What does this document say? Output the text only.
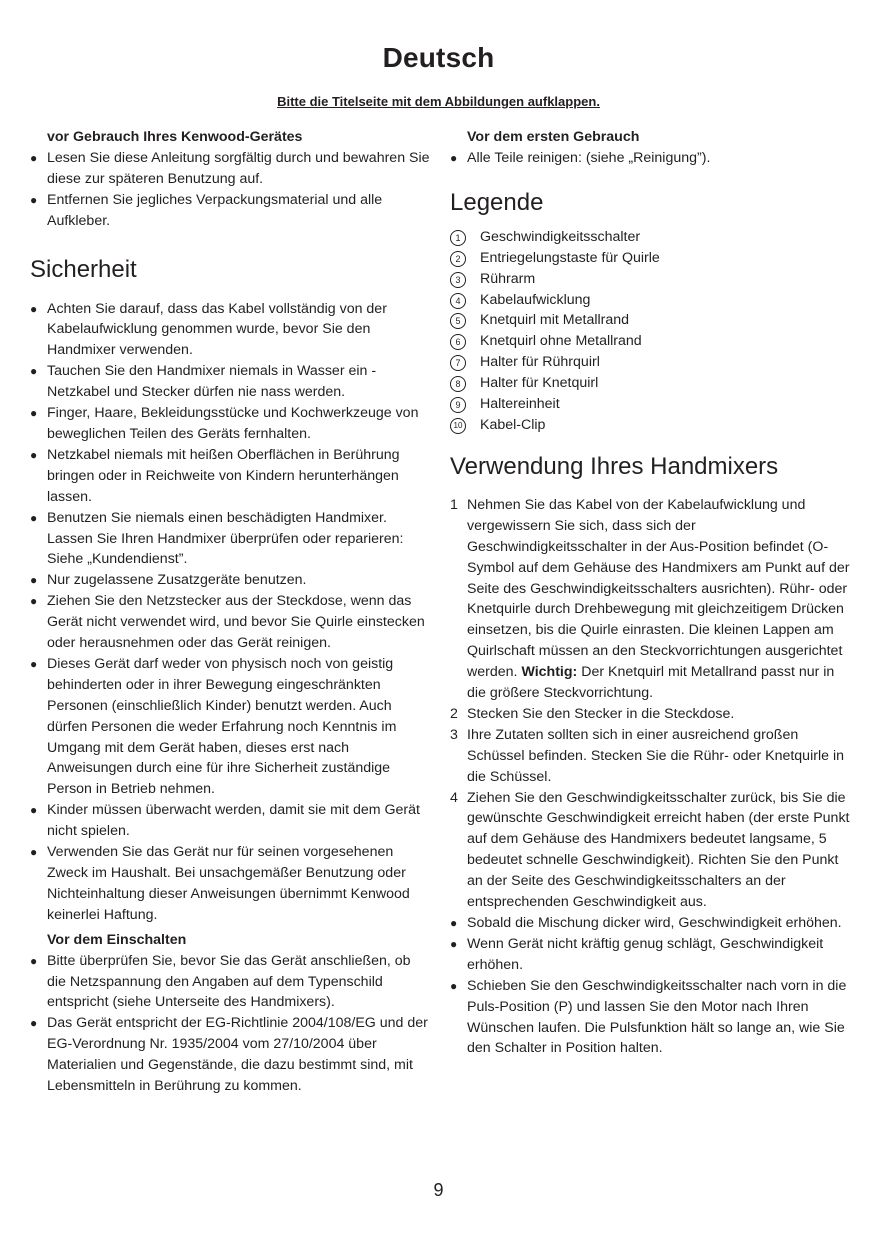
Deutsch
Bitte die Titelseite mit dem Abbildungen aufklappen.
vor Gebrauch Ihres Kenwood-Gerätes
● Lesen Sie diese Anleitung sorgfältig durch und bewahren Sie diese zur späteren Benutzung auf.
● Entfernen Sie jegliches Verpackungsmaterial und alle Aufkleber.
Sicherheit
● Achten Sie darauf, dass das Kabel vollständig von der Kabelaufwicklung genommen wurde, bevor Sie den Handmixer verwenden.
● Tauchen Sie den Handmixer niemals in Wasser ein - Netzkabel und Stecker dürfen nie nass werden.
● Finger, Haare, Bekleidungsstücke und Kochwerkzeuge von beweglichen Teilen des Geräts fernhalten.
● Netzkabel niemals mit heißen Oberflächen in Berührung bringen oder in Reichweite von Kindern herunterhängen lassen.
● Benutzen Sie niemals einen beschädigten Handmixer. Lassen Sie Ihren Handmixer überprüfen oder reparieren: Siehe „Kundendienst”.
● Nur zugelassene Zusatzgeräte benutzen.
● Ziehen Sie den Netzstecker aus der Steckdose, wenn das Gerät nicht verwendet wird, und bevor Sie Quirle einstecken oder herausnehmen oder das Gerät reinigen.
● Dieses Gerät darf weder von physisch noch von geistig behinderten oder in ihrer Bewegung eingeschränkten Personen (einschließlich Kinder) benutzt werden. Auch dürfen Personen die weder Erfahrung noch Kenntnis im Umgang mit dem Gerät haben, dieses erst nach Anweisungen durch eine für ihre Sicherheit zuständige Person in Betrieb nehmen.
● Kinder müssen überwacht werden, damit sie mit dem Gerät nicht spielen.
● Verwenden Sie das Gerät nur für seinen vorgesehenen Zweck im Haushalt. Bei unsachgemäßer Benutzung oder Nichteinhaltung dieser Anweisungen übernimmt Kenwood keinerlei Haftung.
Vor dem Einschalten
● Bitte überprüfen Sie, bevor Sie das Gerät anschließen, ob die Netzspannung den Angaben auf dem Typenschild entspricht (siehe Unterseite des Handmixers).
● Das Gerät entspricht der EG-Richtlinie 2004/108/EG und der EG-Verordnung Nr. 1935/2004 vom 27/10/2004 über Materialien und Gegenstände, die dazu bestimmt sind, mit Lebensmitteln in Berührung zu kommen.
Vor dem ersten Gebrauch
● Alle Teile reinigen: (siehe „Reinigung”).
Legende
1	Geschwindigkeitsschalter
2	Entriegelungstaste für Quirle
3	Rührarm
4	Kabelaufwicklung
5	Knetquirl mit Metallrand
6	Knetquirl ohne Metallrand
7	Halter für Rührquirl
8	Halter für Knetquirl
9	Haltereinheit
10 Kabel-Clip
Verwendung Ihres Handmixers
1 Nehmen Sie das Kabel von der Kabelaufwicklung und vergewissern Sie sich, dass sich der Geschwindigkeitsschalter in der Aus-Position befindet (O-Symbol auf dem Gehäuse des Handmixers am Punkt auf der Seite des Geschwindigkeitsschalters ausrichten). Rühr- oder Knetquirle durch Drehbewegung mit gleichzeitigem Drücken einsetzen, bis die Quirle einrasten. Die kleinen Lappen am Quirlschaft müssen an den Steckvorrichtungen ausgerichtet werden. Wichtig: Der Knetquirl mit Metallrand passt nur in die größere Steckvorrichtung.
2 Stecken Sie den Stecker in die Steckdose.
3 Ihre Zutaten sollten sich in einer ausreichend großen Schüssel befinden. Stecken Sie die Rühr- oder Knetquirle in die Schüssel.
4 Ziehen Sie den Geschwindigkeitsschalter zurück, bis Sie die gewünschte Geschwindigkeit erreicht haben (der erste Punkt auf dem Gehäuse des Handmixers bedeutet langsame, 5 bedeutet schnelle Geschwindigkeit). Richten Sie den Punkt an der Seite des Geschwindigkeitsschalters an der entsprechenden Geschwindigkeit aus.
● Sobald die Mischung dicker wird, Geschwindigkeit erhöhen.
● Wenn Gerät nicht kräftig genug schlägt, Geschwindigkeit erhöhen.
● Schieben Sie den Geschwindigkeitsschalter nach vorn in die Puls-Position (P) und lassen Sie den Motor nach Ihren Wünschen laufen. Die Pulsfunktion hält so lange an, wie Sie den Schalter in Position halten.
9
